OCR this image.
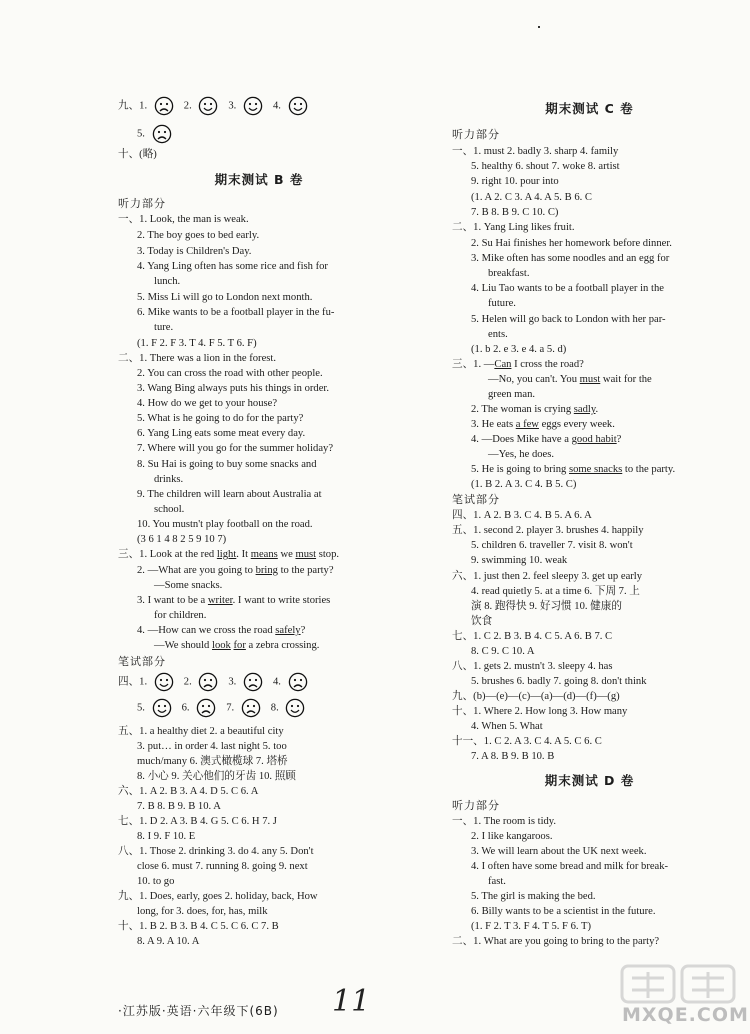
九、1.	2.	3.	4.
5.
十、(略)
期末测试 B 卷
听力部分
一、1. Look, the man is weak.
2. The boy goes to bed early.
3. Today is Children's Day.
4. Yang Ling often has some rice and fish for
lunch.
5. Miss Li will go to London next month.
6. Mike wants to be a football player in the fu-
ture.
(1. F 2. F 3. T 4. F 5. T 6. F)
二、1. There was a lion in the forest.
2. You can cross the road with other people.
3. Wang Bing always puts his things in order.
4. How do we get to your house?
5. What is he going to do for the party?
6. Yang Ling eats some meat every day.
7. Where will you go for the summer holiday?
8. Su Hai is going to buy some snacks and
drinks.
9. The children will learn about Australia at
school.
10. You mustn't play football on the road.
(3 6 1 4 8 2 5 9 10 7)
三、1. Look at the red light. It means we must stop.
2. —What are you going to bring to the party?
—Some snacks.
3. I want to be a writer. I want to write stories
for children.
4. —How can we cross the road safely?
—We should look for a zebra crossing.
笔试部分
四、1.	2.	3.	4.
5.	6.	7.	8.
五、1. a healthy diet 2. a beautiful city
3. put… in order 4. last night 5. too
much/many 6. 澳式橄榄球 7. 塔桥
8. 小心 9. 关心他们的牙齿 10. 照顾
六、1. A 2. B 3. A 4. D 5. C 6. A
7. B 8. B 9. B 10. A
七、1. D 2. A 3. B 4. G 5. C 6. H 7. J
8. I 9. F 10. E
八、1. Those 2. drinking 3. do 4. any 5. Don't
close 6. must 7. running 8. going 9. next
10. to go
九、1. Does, early, goes 2. holiday, back, How
long, for 3. does, for, has, milk
十、1. B 2. B 3. B 4. C 5. C 6. C 7. B
8. A 9. A 10. A
期末测试 C 卷
听力部分
一、1. must 2. badly 3. sharp 4. family
5. healthy 6. shout 7. woke 8. artist
9. right 10. pour into
(1. A 2. C 3. A 4. A 5. B 6. C
7. B 8. B 9. C 10. C)
二、1. Yang Ling likes fruit.
2. Su Hai finishes her homework before dinner.
3. Mike often has some noodles and an egg for
breakfast.
4. Liu Tao wants to be a football player in the
future.
5. Helen will go back to London with her par-
ents.
(1. b 2. e 3. e 4. a 5. d)
三、1. —Can I cross the road?
—No, you can't. You must wait for the
green man.
2. The woman is crying sadly.
3. He eats a few eggs every week.
4. —Does Mike have a good habit?
—Yes, he does.
5. He is going to bring some snacks to the party.
(1. B 2. A 3. C 4. B 5. C)
笔试部分
四、1. A 2. B 3. C 4. B 5. A 6. A
五、1. second 2. player 3. brushes 4. happily
5. children 6. traveller 7. visit 8. won't
9. swimming 10. weak
六、1. just then 2. feel sleepy 3. get up early
4. read quietly 5. at a time 6. 下周 7. 上
演 8. 跑得快 9. 好习惯 10. 健康的
饮食
七、1. C 2. B 3. B 4. C 5. A 6. B 7. C
8. C 9. C 10. A
八、1. gets 2. mustn't 3. sleepy 4. has
5. brushes 6. badly 7. going 8. don't think
九、(b)—(e)—(c)—(a)—(d)—(f)—(g)
十、1. Where 2. How long 3. How many
4. When 5. What
十一、1. C 2. A 3. C 4. A 5. C 6. C
7. A 8. B 9. B 10. B
期末测试 D 卷
听力部分
一、1. The room is tidy.
2. I like kangaroos.
3. We will learn about the UK next week.
4. I often have some bread and milk for break-
fast.
5. The girl is making the bed.
6. Billy wants to be a scientist in the future.
(1. F 2. T 3. F 4. T 5. F 6. T)
二、1. What are you going to bring to the party?
11
·江苏版·英语·六年级下(6B)	MXQE.COM
